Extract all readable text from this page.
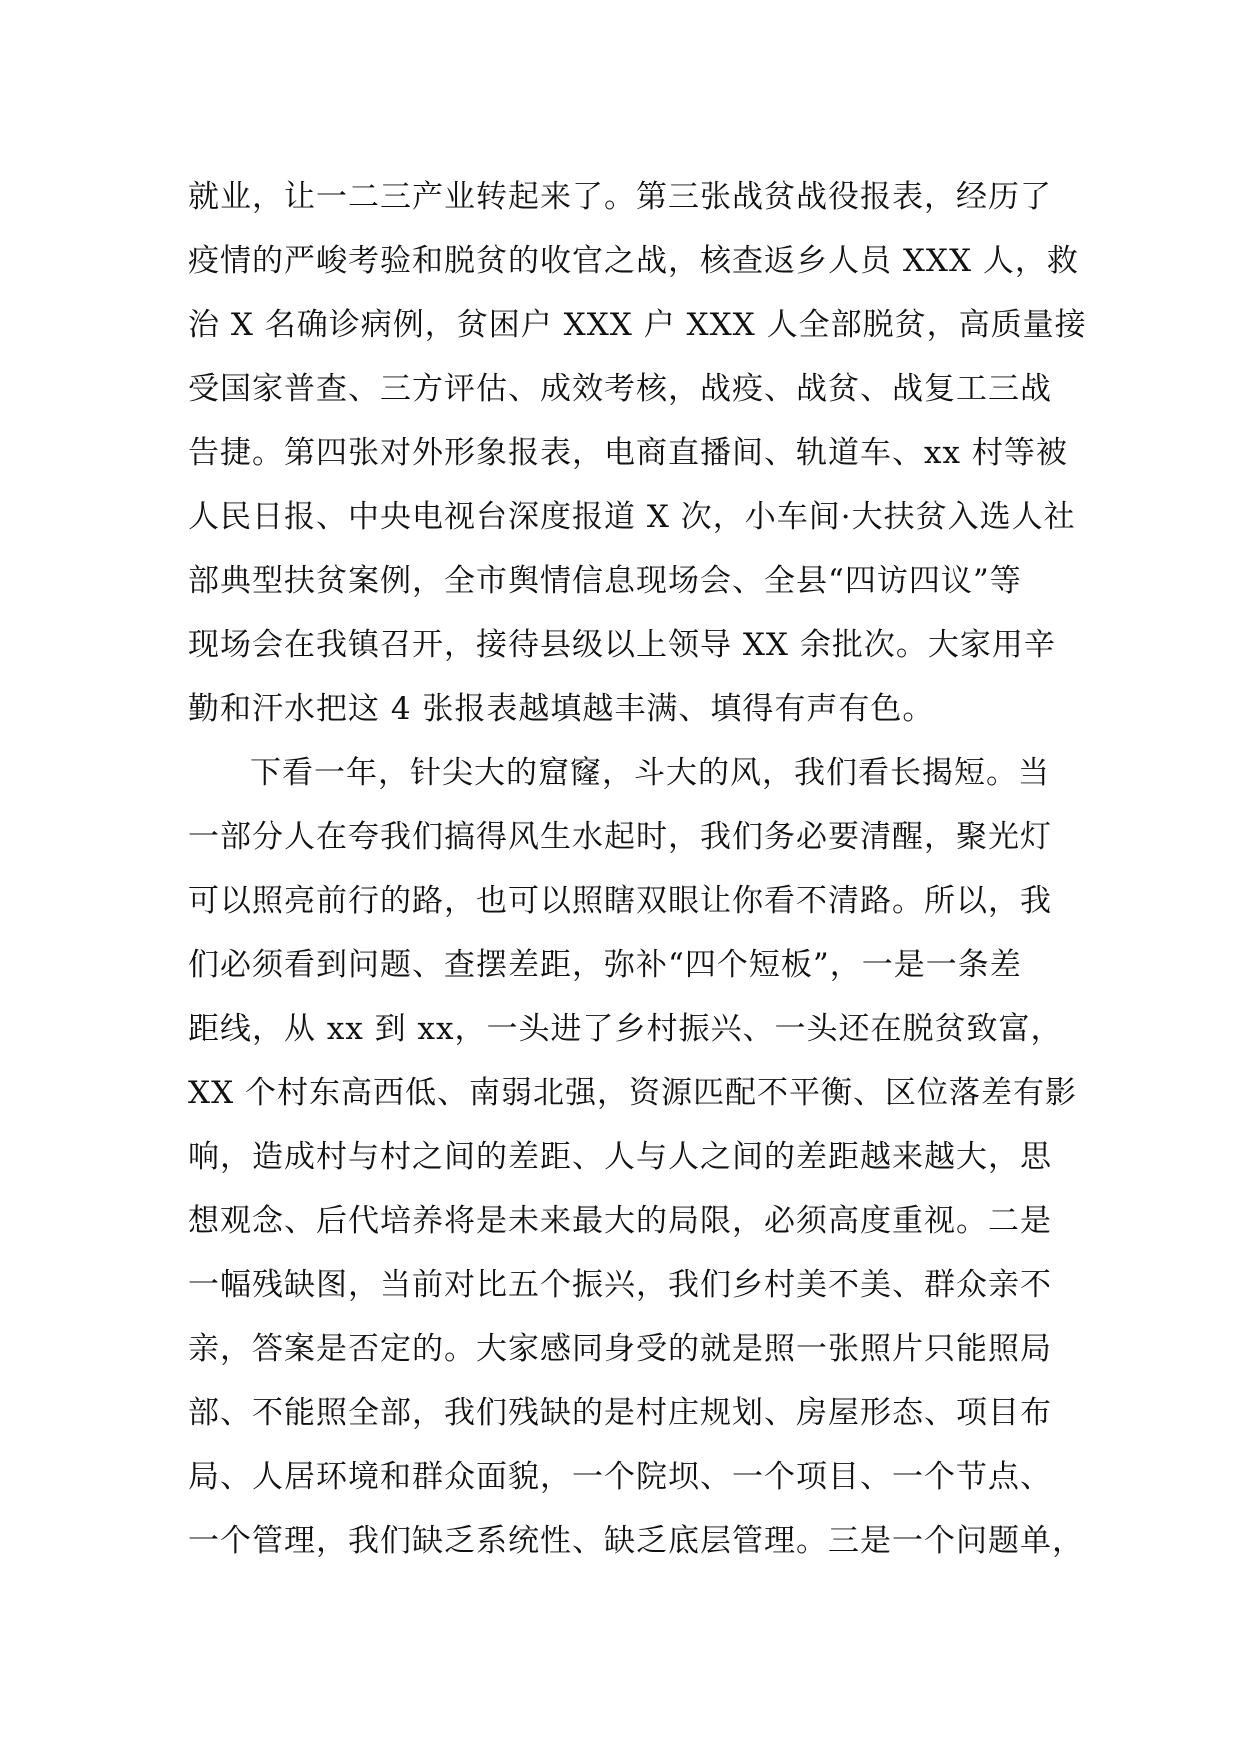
就业，让一二三产业转起来了。第三张战贫战役报表，经历了
疫情的严峻考验和脱贫的收官之战，核查返乡人员 XXX 人，救
治 X 名确诊病例，贫困户 XXX 户 XXX 人全部脱贫，高质量接
受国家普查、三方评估、成效考核，战疫、战贫、战复工三战
告捷。第四张对外形象报表，电商直播间、轨道车、xx 村等被
人民日报、中央电视台深度报道 X 次，小车间·大扶贫入选人社
部典型扶贫案例，全市舆情信息现场会、全县“四访四议”等
现场会在我镇召开，接待县级以上领导 XX 余批次。大家用辛
勤和汗水把这 4 张报表越填越丰满、填得有声有色。
下看一年，针尖大的窟窿，斗大的风，我们看长揭短。当
一部分人在夸我们搞得风生水起时，我们务必要清醒，聚光灯
可以照亮前行的路，也可以照瞎双眼让你看不清路。所以，我
们必须看到问题、查摆差距，弥补“四个短板”，一是一条差
距线，从 xx 到 xx，一头进了乡村振兴、一头还在脱贫致富，
XX 个村东高西低、南弱北强，资源匹配不平衡、区位落差有影
响，造成村与村之间的差距、人与人之间的差距越来越大，思
想观念、后代培养将是未来最大的局限，必须高度重视。二是
一幅残缺图，当前对比五个振兴，我们乡村美不美、群众亲不
亲，答案是否定的。大家感同身受的就是照一张照片只能照局
部、不能照全部，我们残缺的是村庄规划、房屋形态、项目布
局、人居环境和群众面貌，一个院坝、一个项目、一个节点、
一个管理，我们缺乏系统性、缺乏底层管理。三是一个问题单，
